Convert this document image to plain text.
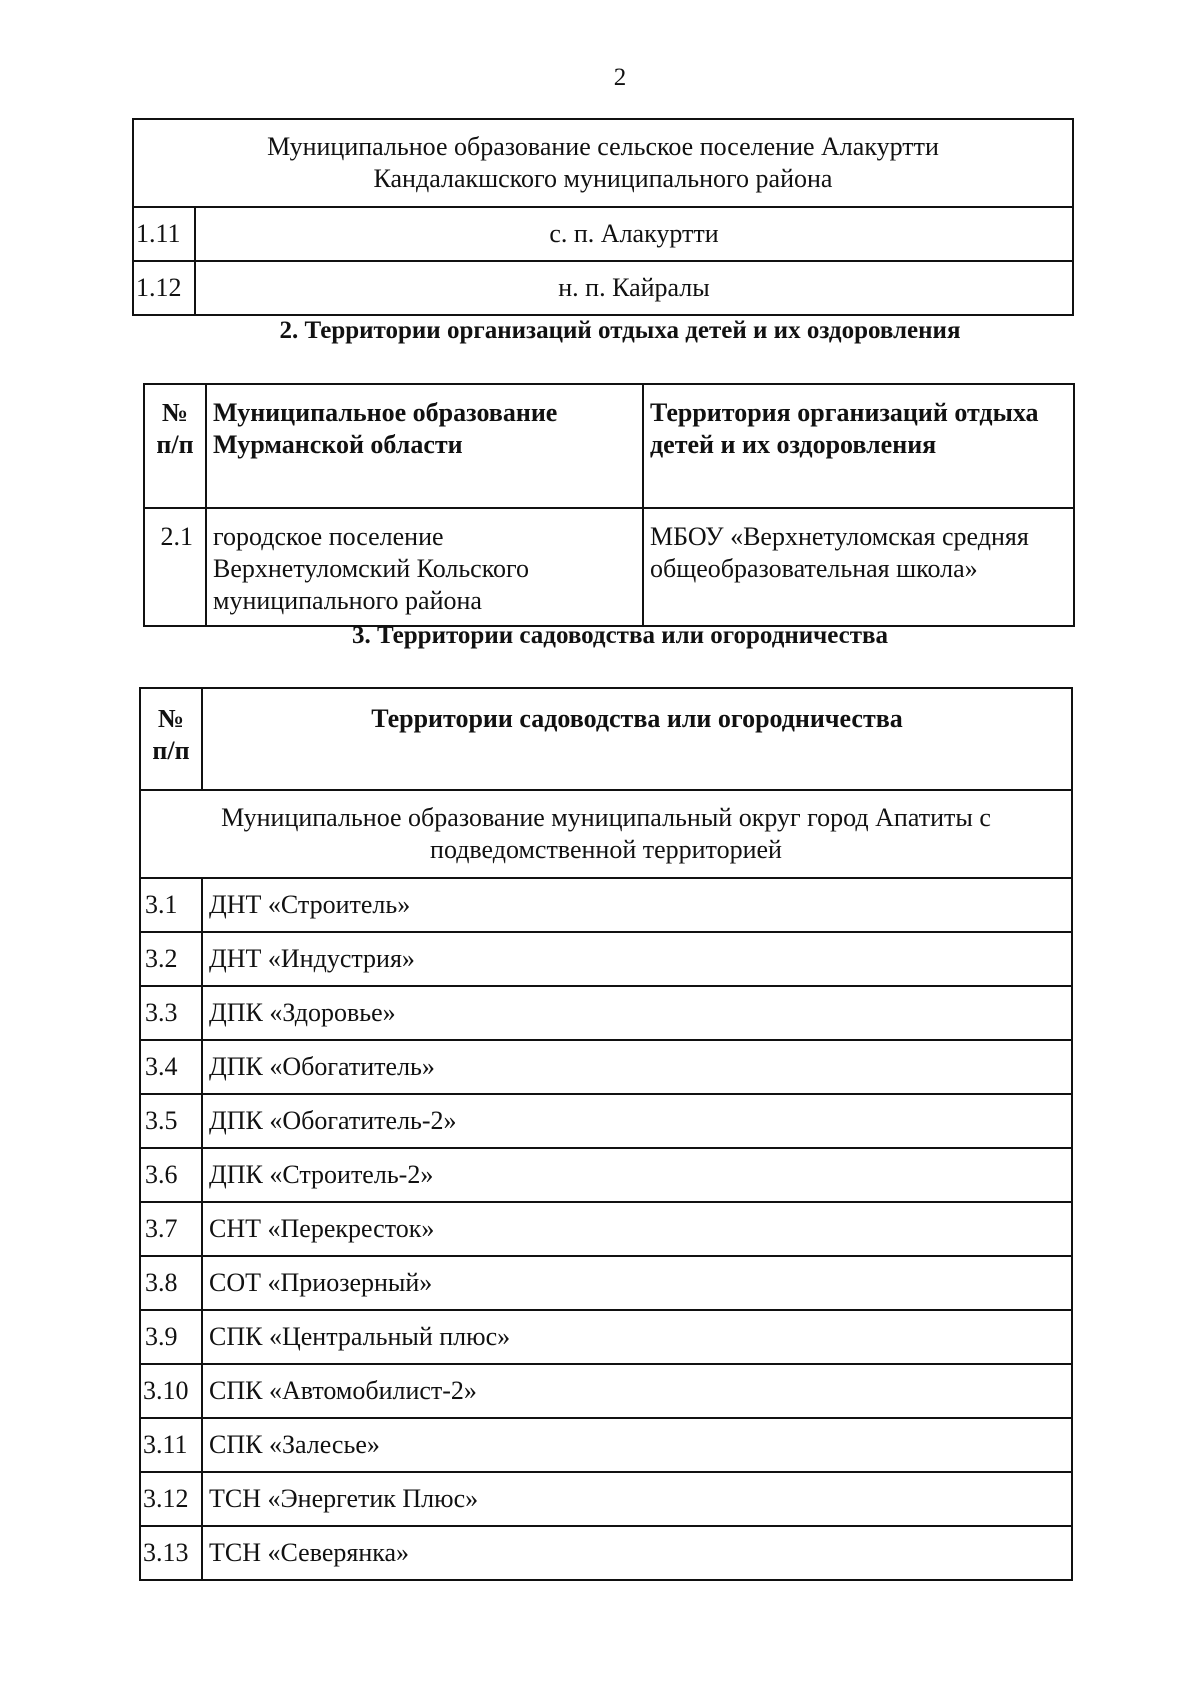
2
Муниципальное образование сельское поселение Алакуртти Кандалакшского муниципального района	

1.11	с. п. Алакуртти
1.12	н. п. Кайралы
2. Территории организаций отдыха детей и их оздоровления
№ п/п	Муниципальное образование Мурманской области	Территория организаций отдыха детей и их оздоровления
2.1	городское поселение Верхнетуломский Кольского муниципального района	МБОУ «Верхнетуломская средняя общеобразовательная школа»
3. Территории садоводства или огородничества
№ п/п	Территории садоводства или огородничества

Муниципальное образование муниципальный округ город Апатиты с подведомственной территорией	

3.1	ДНТ «Строитель»
3.2	ДНТ «Индустрия»
3.3	ДПК «Здоровье»
3.4	ДПК «Обогатитель»
3.5	ДПК «Обогатитель-2»
3.6	ДПК «Строитель-2»
3.7	СНТ «Перекресток»
3.8	СОТ «Приозерный»
3.9	СПК «Центральный плюс»
3.10	СПК «Автомобилист-2»
3.11	СПК «Залесье»
3.12	ТСН «Энергетик Плюс»
3.13	ТСН «Северянка»
